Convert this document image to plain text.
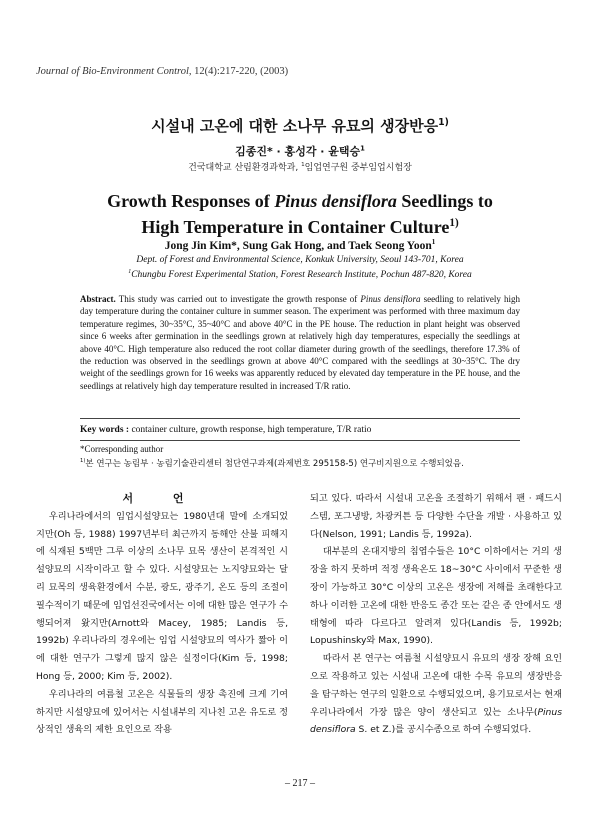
Journal of Bio-Environment Control, 12(4):217-220, (2003)
시설내 고온에 대한 소나무 유묘의 생장반응$^{1)}$
김종진* · 홍성각 · 윤택승$^1$
건국대학교 산림환경과학과, $^1$임업연구원 중부임업시험장
Growth Responses of Pinus densiflora Seedlings to
High Temperature in Container Culture$^{1)}$
Jong Jin Kim*, Sung Gak Hong, and Taek Seong Yoon$^1$
Dept. of Forest and Environmental Science, Konkuk University, Seoul 143-701, Korea
$^1$Chungbu Forest Experimental Station, Forest Research Institute, Pochun 487-820, Korea
Abstract. This study was carried out to investigate the growth response of Pinus densiflora seedling to relatively high day temperature during the container culture in summer season. The experiment was performed with three maximum day temperature regimes, 30~35°C, 35~40°C and above 40°C in the PE house. The reduction in plant height was observed since 6 weeks after germination in the seedlings grown at relatively high day temperatures, especially the seedlings at above 40°C. High temperature also reduced the root collar diameter during growth of the seedlings, therefore 17.3% of the reduction was observed in the seedlings grown at above 40°C compared with the seedlings at 30~35°C. The dry weight of the seedlings grown for 16 weeks was apparently reduced by elevated day temperature in the PE house, and the seedlings at relatively high day temperature resulted in increased T/R ratio.
Key words : container culture, growth response, high temperature, T/R ratio
*Corresponding author
$^{1)}$본 연구는 농림부 · 농림기술관리센터 첨단연구과제(과제번호 295158-5) 연구비지원으로 수행되었음.

서 언

우리나라에서의 임업시설양묘는 1980년대 말에 소개되었지만(Oh 등, 1988) 1997년부터 최근까지 동해안 산불 피해지에 식재된 5백만 그루 이상의 소나무 묘목 생산이 본격적인 시설양묘의 시작이라고 할 수 있다. 시설양묘는 노지양묘와는 달리 묘목의 생육환경에서 수분, 광도, 광주기, 온도 등의 조절이 필수적이기 때문에 임업선진국에서는 이에 대한 많은 연구가 수행되어져 왔지만(Arnott와 Macey, 1985; Landis 등, 1992b) 우리나라의 경우에는 임업 시설양묘의 역사가 짧아 이에 대한 연구가 그렇게 많지 않은 실정이다(Kim 등, 1998; Hong 등, 2000; Kim 등, 2002).

우리나라의 여름철 고온은 식물들의 생장 촉진에 크게 기여하지만 시설양묘에 있어서는 시설내부의 지나친 고온 유도로 정상적인 생육의 제한 요인으로 작용

되고 있다. 따라서 시설내 고온을 조절하기 위해서 팬 · 패드시스템, 포그냉방, 차광커튼 등 다양한 수단을 개발 · 사용하고 있다(Nelson, 1991; Landis 등, 1992a).

대부분의 온대지방의 침엽수들은 10°C 이하에서는 거의 생장을 하지 못하며 적정 생육온도 18~30°C 사이에서 꾸준한 생장이 가능하고 30°C 이상의 고온은 생장에 저해를 초래한다고 하나 이러한 고온에 대한 반응도 종간 또는 같은 종 안에서도 생태형에 따라 다르다고 알려져 있다(Landis 등, 1992b; Lopushinsky와 Max, 1990).

따라서 본 연구는 여름철 시설양묘시 유묘의 생장 장해 요인으로 작용하고 있는 시설내 고온에 대한 수목 유묘의 생장반응을 탐구하는 연구의 일환으로 수행되었으며, 용기묘로서는 현재 우리나라에서 가장 많은 양이 생산되고 있는 소나무(Pinus densiflora S. et Z.)를 공시수종으로 하여 수행되었다.

– 217 –
